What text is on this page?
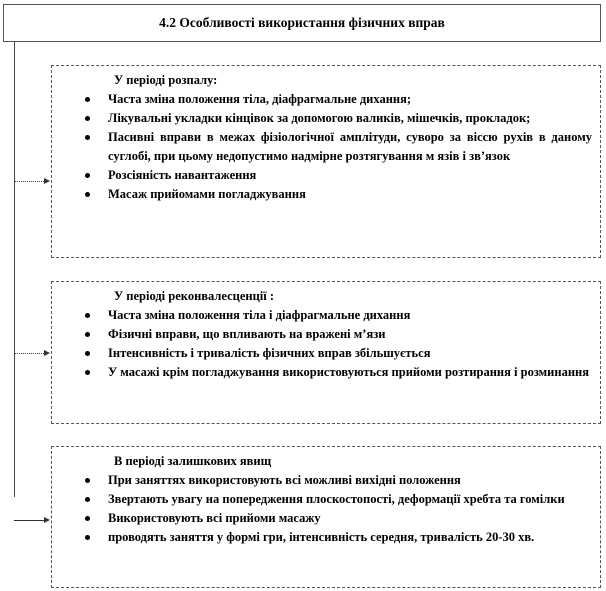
4.2 Особливості використання фізичних вправ
У періоді розпалу:
Часта зміна положення тіла, діафрагмальне дихання;
Лікувальні укладки кінцівок за допомогою валиків, мішечків, прокладок;
Пасивні вправи в межах фізіологічної амплітуди, суворо за віссю рухів в даному суглобі, при цьому недопустимо надмірне розтягування м язів і зв’язок
Розсіяність навантаження
Масаж прийомами погладжування
У періоді реконвалесценції :
Часта зміна положення тіла і діафрагмальне дихання
Фізичні вправи, що впливають на вражені м’язи
Інтенсивність і тривалість фізичних вправ збільшується
У масажі крім погладжування використовуються прийоми розтирання і розминання
В періоді залишкових явищ
При заняттях використовують всі можливі вихідні положення
Звертають увагу на попередження плоскостопості, деформації хребта та гомілки
Використовують всі прийоми масажу
проводять заняття у формі гри, інтенсивність середня, тривалість 20-30 хв.
